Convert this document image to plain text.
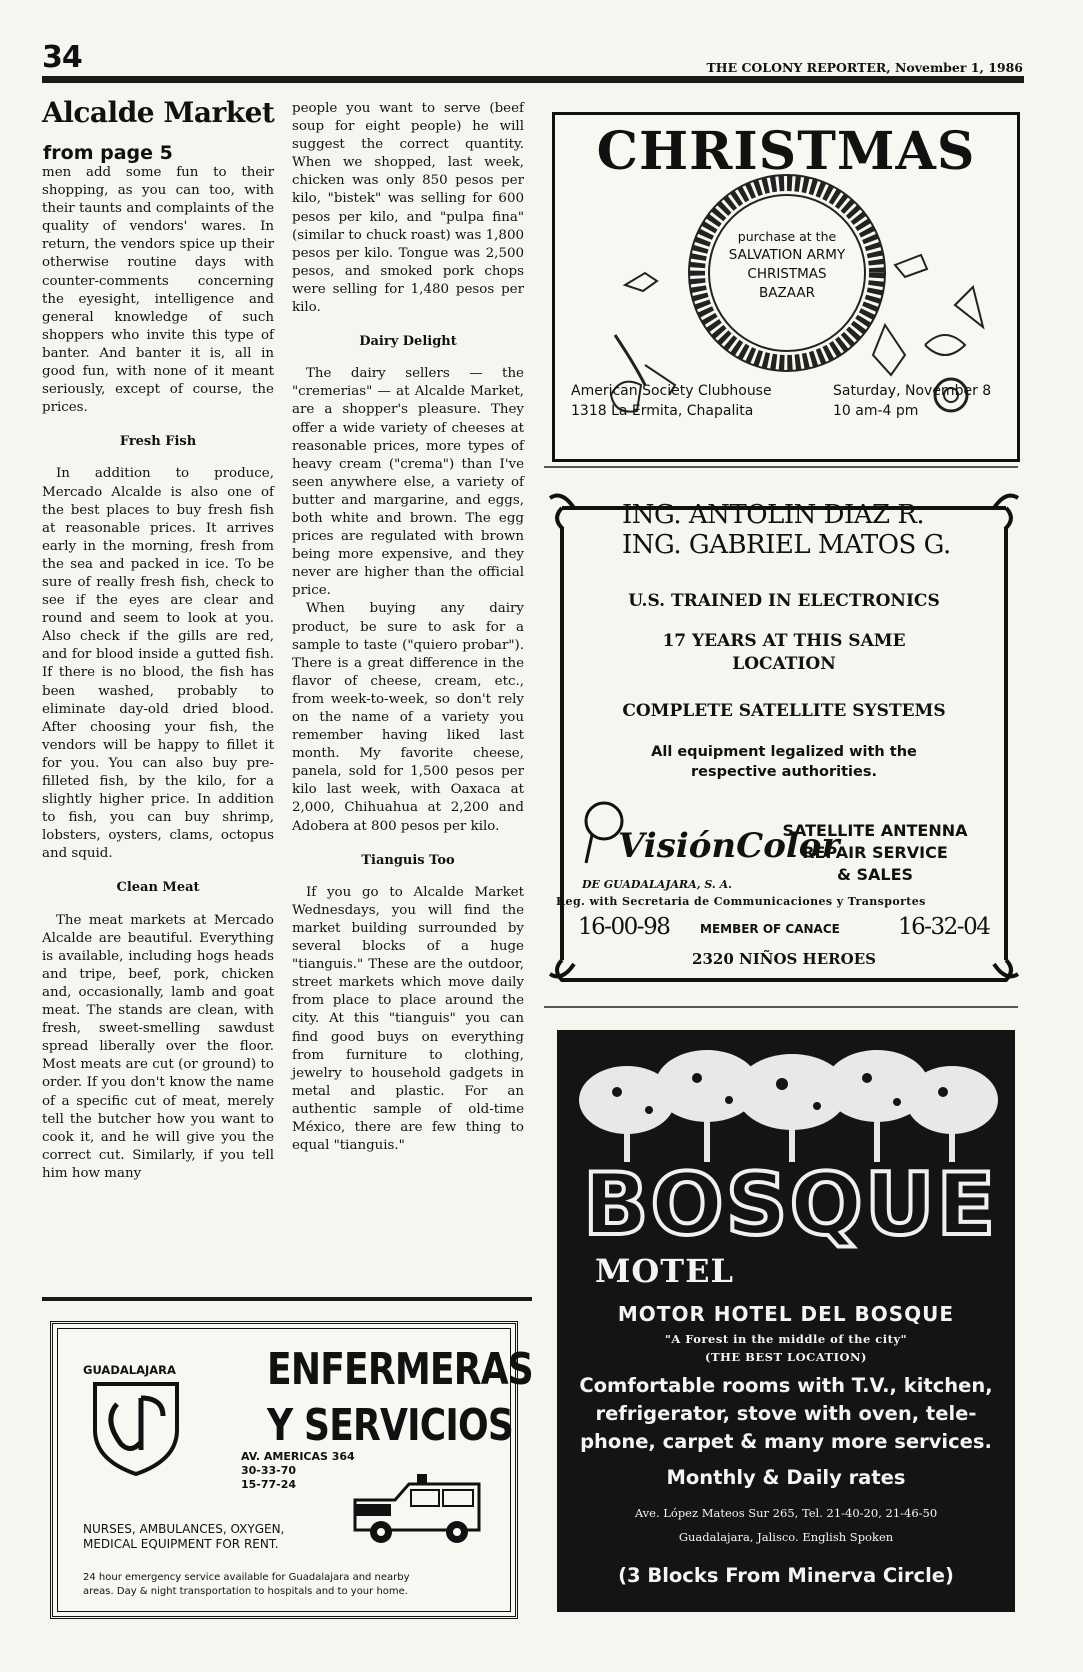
34	THE COLONY REPORTER, November 1, 1986
Alcalde Market
from page 5

men add some fun to their shopping, as you can too, with their taunts and complaints of the quality of vendors' wares. In return, the vendors spice up their otherwise routine days with counter-comments concerning the eyesight, intelligence and general knowledge of such shoppers who invite this type of banter. And banter it is, all in good fun, with none of it meant seriously, except of course, the prices.

Fresh Fish

In addition to produce, Mercado Alcalde is also one of the best places to buy fresh fish at reasonable prices. It arrives early in the morning, fresh from the sea and packed in ice. To be sure of really fresh fish, check to see if the eyes are clear and round and seem to look at you. Also check if the gills are red, and for blood inside a gutted fish. If there is no blood, the fish has been washed, probably to eliminate day-old dried blood. After choosing your fish, the vendors will be happy to fillet it for you. You can also buy pre-filleted fish, by the kilo, for a slightly higher price. In addition to fish, you can buy shrimp, lobsters, oysters, clams, octopus and squid.

Clean Meat

The meat markets at Mercado Alcalde are beautiful. Everything is available, including hogs heads and tripe, beef, pork, chicken and, occasionally, lamb and goat meat. The stands are clean, with fresh, sweet-smelling sawdust spread liberally over the floor. Most meats are cut (or ground) to order. If you don't know the name of a specific cut of meat, merely tell the butcher how you want to cook it, and he will give you the correct cut. Similarly, if you tell him how many

people you want to serve (beef soup for eight people) he will suggest the correct quantity. When we shopped, last week, chicken was only 850 pesos per kilo, "bistek" was selling for 600 pesos per kilo, and "pulpa fina" (similar to chuck roast) was 1,800 pesos per kilo. Tongue was 2,500 pesos, and smoked pork chops were selling for 1,480 pesos per kilo.

Dairy Delight

The dairy sellers — the "cremerias" — at Alcalde Market, are a shopper's pleasure. They offer a wide variety of cheeses at reasonable prices, more types of heavy cream ("crema") than I've seen anywhere else, a variety of butter and margarine, and eggs, both white and brown. The egg prices are regulated with brown being more expensive, and they never are higher than the official price.

When buying any dairy product, be sure to ask for a sample to taste ("quiero probar"). There is a great difference in the flavor of cheese, cream, etc., from week-to-week, so don't rely on the name of a variety you remember having liked last month. My favorite cheese, panela, sold for 1,500 pesos per kilo last week, with Oaxaca at 2,000, Chihuahua at 2,200 and Adobera at 800 pesos per kilo.

Tianguis Too

If you go to Alcalde Market Wednesdays, you will find the market building surrounded by several blocks of a huge "tianguis." These are the outdoor, street markets which move daily from place to place around the city. At this "tianguis" you can find good buys on everything from furniture to clothing, jewelry to household gadgets in metal and plastic. For an authentic sample of old-time México, there are few thing to equal "tianguis."

CHRISTMAS
purchase at the
SALVATION ARMY
CHRISTMAS
BAZAAR
American Society Clubhouse
1318 La Ermita, Chapalita
Saturday, November 8
10 am-4 pm
ING. ANTOLIN DIAZ R.
ING. GABRIEL MATOS G.
U.S. TRAINED IN ELECTRONICS
17 YEARS AT THIS SAME
LOCATION
COMPLETE SATELLITE SYSTEMS
All equipment legalized with the
respective authorities.
VisiónColor
DE GUADALAJARA, S. A.
SATELLITE ANTENNA
REPAIR SERVICE
& SALES
Reg. with Secretaria de Communicaciones y Transportes
16-00-98	MEMBER OF CANACE	16-32-04
2320 NIÑOS HEROES
BOSQUE
MOTEL
MOTOR HOTEL DEL BOSQUE
"A Forest in the middle of the city"
(THE BEST LOCATION)
Comfortable rooms with T.V., kitchen,
refrigerator, stove with oven, tele-
phone, carpet & many more services.
Monthly & Daily rates
Ave. López Mateos Sur 265, Tel. 21-40-20, 21-46-50
Guadalajara, Jalisco. English Spoken
(3 Blocks From Minerva Circle)
GUADALAJARA ENFERMERAS
Y SERVICIOS
AV. AMERICAS 364
30-33-70
15-77-24
NURSES, AMBULANCES, OXYGEN,
MEDICAL EQUIPMENT FOR RENT.
24 hour emergency service available for Guadalajara and nearby
areas. Day & night transportation to hospitals and to your home.
